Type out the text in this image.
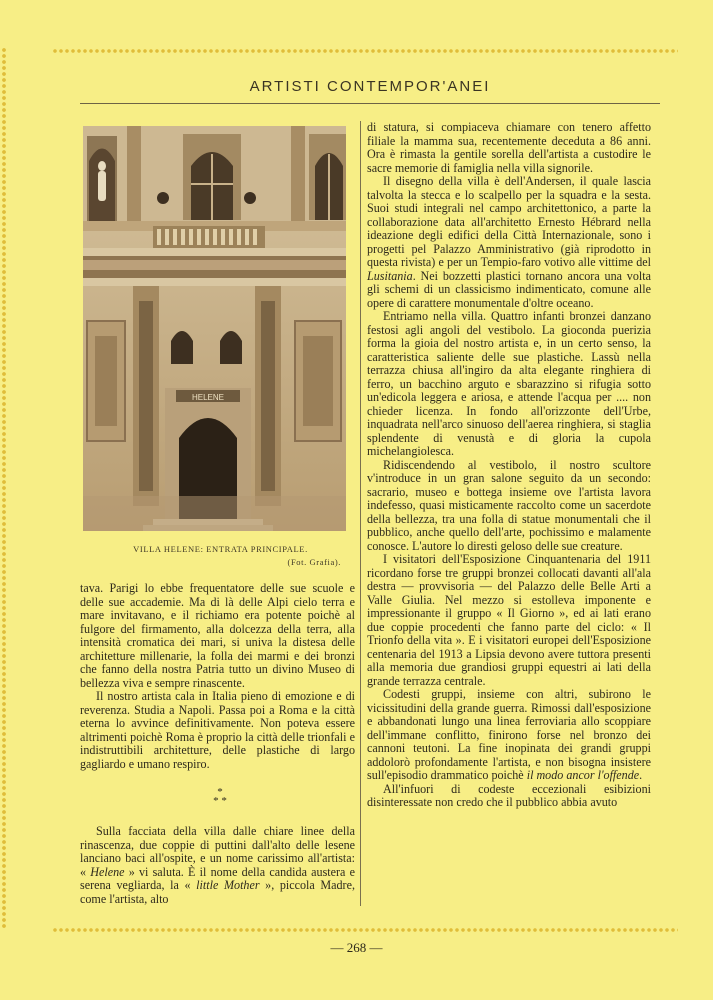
ARTISTI CONTEMPOR'ANEI
HELENE
VILLA HELENE: ENTRATA PRINCIPALE.
(Fot. Grafia).

tava. Parigi lo ebbe frequentatore delle sue scuole e delle sue accademie. Ma di là delle Alpi cielo terra e mare invitavano, e il richiamo era potente poichè al fulgore del firmamento, alla dolcezza della terra, alla intensità cromatica dei mari, si univa la distesa delle architetture millenarie, la folla dei marmi e dei bronzi che fanno della nostra Patria tutto un divino Museo di bellezza viva e sempre rinascente.

Il nostro artista cala in Italia pieno di emozione e di reverenza. Studia a Napoli. Passa poi a Roma e la città eterna lo avvince definitivamente. Non poteva essere altrimenti poichè Roma è proprio la città delle trionfali e indistruttibili architetture, delle plastiche di largo gagliardo e umano respiro.

*
* *

Sulla facciata della villa dalle chiare linee della rinascenza, due coppie di puttini dall'alto delle lesene lanciano baci all'ospite, e un nome carissimo all'artista: « Helene » vi saluta. È il nome della candida austera e serena vegliarda, la « little Mother », piccola Madre, come l'artista, alto

di statura, si compiaceva chiamare con tenero affetto filiale la mamma sua, recentemente deceduta a 86 anni. Ora è rimasta la gentile sorella dell'artista a custodire le sacre memorie di famiglia nella villa signorile.

Il disegno della villa è dell'Andersen, il quale lascia talvolta la stecca e lo scalpello per la squadra e la sesta. Suoi studi integrali nel campo architettonico, a parte la collaborazione data all'architetto Ernesto Hébrard nella ideazione degli edifici della Città Internazionale, sono i progetti pel Palazzo Amministrativo (già riprodotto in questa rivista) e per un Tempio-faro votivo alle vittime del Lusitania. Nei bozzetti plastici tornano ancora una volta gli schemi di un classicismo indimenticato, comune alle opere di carattere monumentale d'oltre oceano.

Entriamo nella villa. Quattro infanti bronzei danzano festosi agli angoli del vestibolo. La gioconda puerizia forma la gioia del nostro artista e, in un certo senso, la caratteristica saliente delle sue plastiche. Lassù nella terrazza chiusa all'ingiro da alta elegante ringhiera di ferro, un bacchino arguto e sbarazzino si rifugia sotto un'edicola leggera e ariosa, e attende l'acqua per .... non chieder licenza. In fondo all'orizzonte dell'Urbe, inquadrata nell'arco sinuoso dell'aerea ringhiera, si staglia splendente di venustà e di gloria la cupola michelangiolesca.

Ridiscendendo al vestibolo, il nostro scultore v'introduce in un gran salone seguito da un secondo: sacrario, museo e bottega insieme ove l'artista lavora indefesso, quasi misticamente raccolto come un sacerdote della bellezza, tra una folla di statue monumentali che il pubblico, anche quello dell'arte, pochissimo e malamente conosce. L'autore lo diresti geloso delle sue creature.

I visitatori dell'Esposizione Cinquantenaria del 1911 ricordano forse tre gruppi bronzei collocati davanti all'ala destra — provvisoria — del Palazzo delle Belle Arti a Valle Giulia. Nel mezzo si estolleva imponente e impressionante il gruppo « Il Giorno », ed ai lati erano due coppie procedenti che fanno parte del ciclo: « Il Trionfo della vita ». E i visitatori europei dell'Esposizione centenaria del 1913 a Lipsia devono avere tuttora presenti alla memoria due grandiosi gruppi equestri ai lati della grande terrazza centrale.

Codesti gruppi, insieme con altri, subirono le vicissitudini della grande guerra. Rimossi dall'esposizione e abbandonati lungo una linea ferroviaria allo scoppiare dell'immane conflitto, finirono forse nel bronzo dei cannoni teutoni. La fine inopinata dei grandi gruppi addolorò profondamente l'artista, e non bisogna insistere sull'episodio drammatico poichè il modo ancor l'offende.

All'infuori di codeste eccezionali esibizioni disinteressate non credo che il pubblico abbia avuto

— 268 —
